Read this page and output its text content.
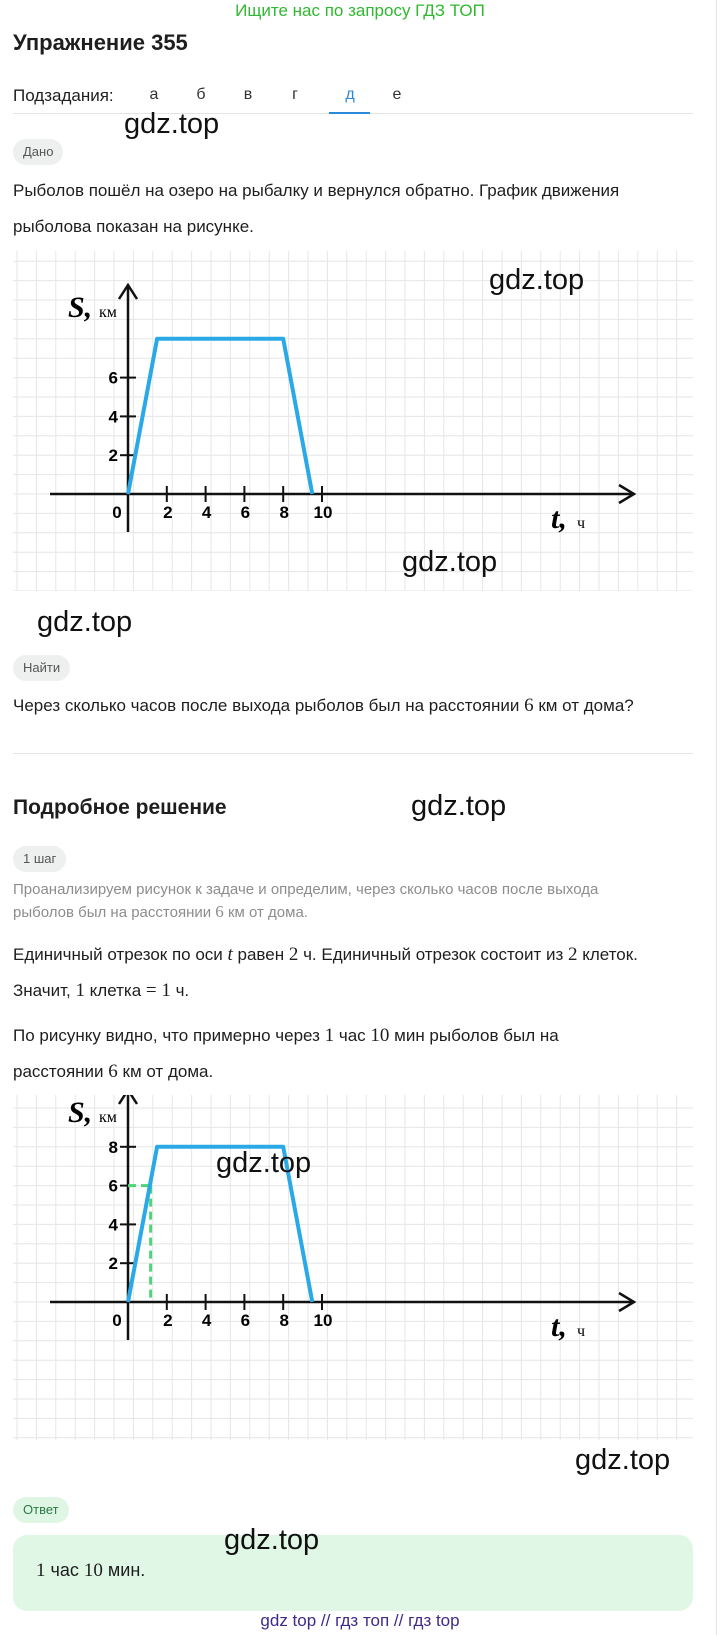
Ищите нас по запросу ГДЗ ТОП
Упражнение 355
Подзадания:	а	б	в	г	д	е
gdz.top
Дано
Рыболов пошёл на озеро на рыбалку и вернулся обратно. График движения
рыболова показан на рисунке.
0 2 4 6 8 10
2
4
6
S, км
t, ч
gdz.top
gdz.top
gdz.top
Найти
Через сколько часов после выхода рыболов был на расстоянии 6 км от дома?
Подробное решение	gdz.top
1 шаг
Проанализируем рисунок к задаче и определим, через сколько часов после выхода
рыболов был на расстоянии 6 км от дома.
Единичный отрезок по оси t равен 2 ч. Единичный отрезок состоит из 2 клеток.
Значит, 1 клетка = 1 ч.
По рисунку видно, что примерно через 1 час 10 мин рыболов был на
расстоянии 6 км от дома.
0 2 4 6 8 10
2
4
6
8
S, км
t, ч
gdz.top
gdz.top
Ответ
gdz.top
1 час 10 мин.
gdz top // гдз топ // гдз top
